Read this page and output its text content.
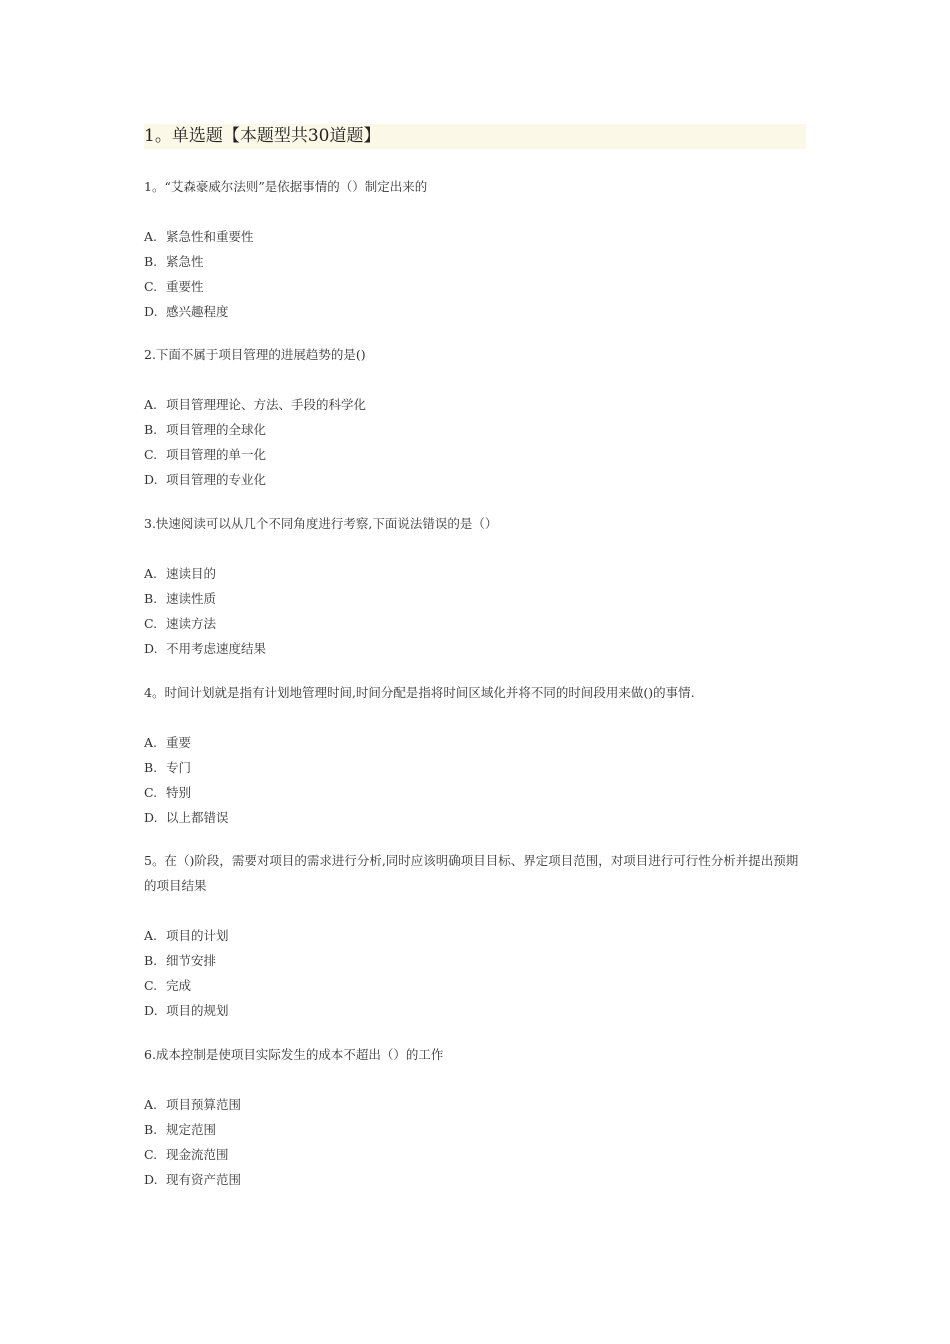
1。单选题【本题型共30道题】

1。“艾森豪威尔法则”是依据事情的（）制定出来的

A. 紧急性和重要性
B. 紧急性
C. 重要性
D. 感兴趣程度

2.下面不属于项目管理的进展趋势的是()

A. 项目管理理论、方法、手段的科学化
B. 项目管理的全球化
C. 项目管理的单一化
D. 项目管理的专业化

3.快速阅读可以从几个不同角度进行考察,下面说法错误的是（）

A. 速读目的
B. 速读性质
C. 速读方法
D. 不用考虑速度结果

4。时间计划就是指有计划地管理时间,时间分配是指将时间区域化并将不同的时间段用来做()的事情.

A. 重要
B. 专门
C. 特别
D. 以上都错误

5。在（)阶段，需要对项目的需求进行分析,同时应该明确项目目标、界定项目范围，对项目进行可行性分析并提出预期的项目结果

A. 项目的计划
B. 细节安排
C. 完成
D. 项目的规划

6.成本控制是使项目实际发生的成本不超出（）的工作

A. 项目预算范围
B. 规定范围
C. 现金流范围
D. 现有资产范围
